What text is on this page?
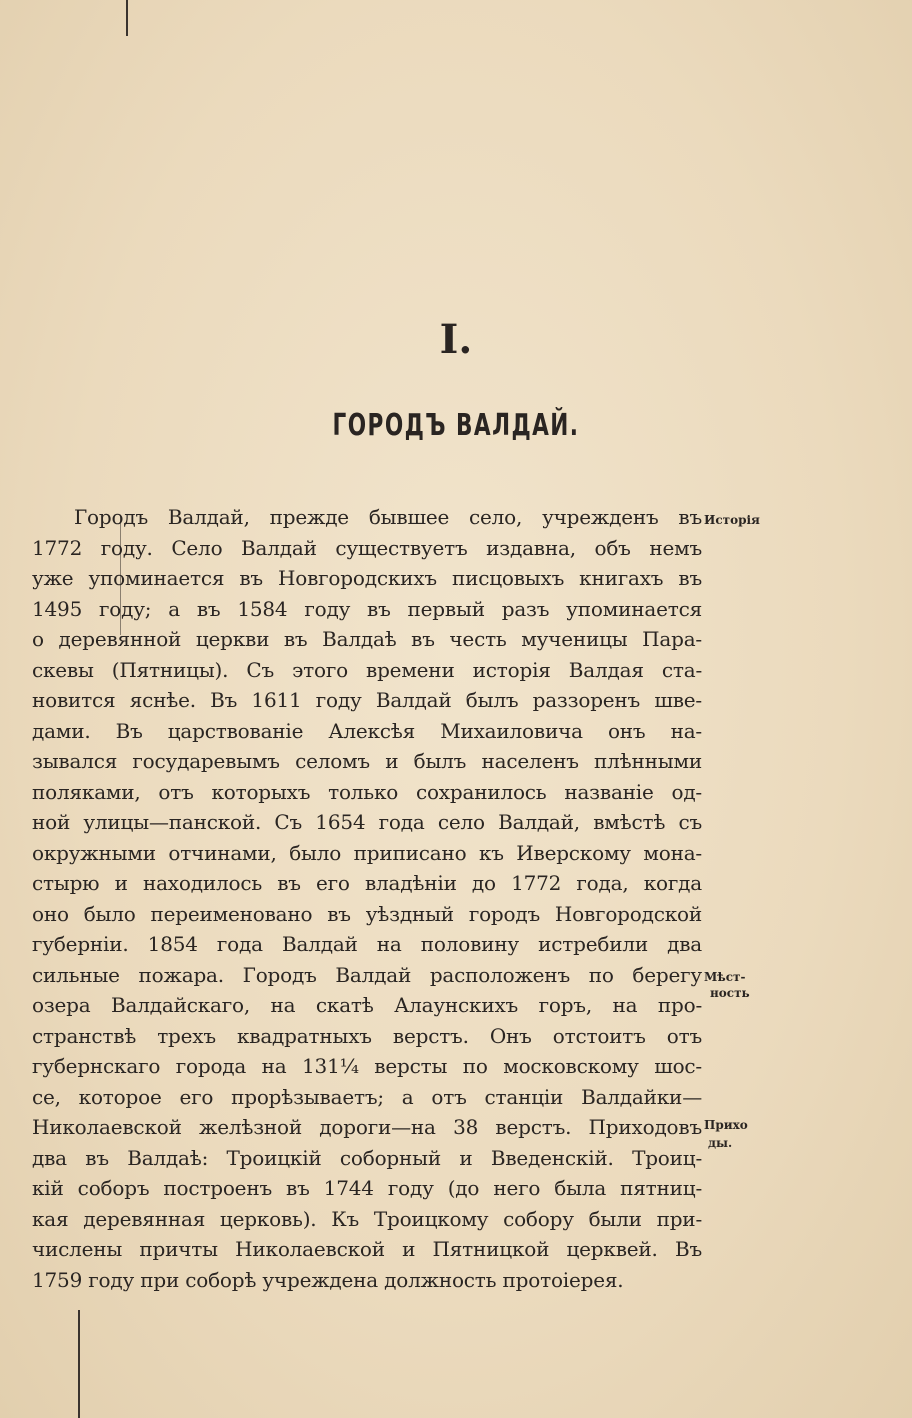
I.
ГОРОДЪ ВАЛДАЙ.
Городъ Валдай, прежде бывшее село, учрежденъ въ
1772 году. Село Валдай существуетъ издавна, объ немъ
уже упоминается въ Новгородскихъ писцовыхъ книгахъ въ
1495 году; а въ 1584 году въ первый разъ упоминается
о деревянной церкви въ Валдаѣ въ честь мученицы Пара-
скевы (Пятницы). Съ этого времени исторія Валдая ста-
новится яснѣе. Въ 1611 году Валдай былъ раззоренъ шве-
дами. Въ царствованіе Алексѣя Михаиловича онъ на-
зывался государевымъ селомъ и былъ населенъ плѣнными
поляками, отъ которыхъ только сохранилось названіе од-
ной улицы—панской. Съ 1654 года село Валдай, вмѣстѣ съ
окружными отчинами, было приписано къ Иверскому мона-
стырю и находилось въ его владѣніи до 1772 года, когда
оно было переименовано въ уѣздный городъ Новгородской
губерніи. 1854 года Валдай на половину истребили два
сильные пожара. Городъ Валдай расположенъ по берегу
озера Валдайскаго, на скатѣ Алаунскихъ горъ, на про-
странствѣ трехъ квадратныхъ верстъ. Онъ отстоитъ отъ
губернскаго города на 131¼ версты по московскому шос-
се, которое его прорѣзываетъ; а отъ станціи Валдайки—
Николаевской желѣзной дороги—на 38 верстъ. Приходовъ
два въ Валдаѣ: Троицкій соборный и Введенскій. Троиц-
кій соборъ построенъ въ 1744 году (до него была пятниц-
кая деревянная церковь). Къ Троицкому собору были при-
числены причты Николаевской и Пятницкой церквей. Въ
1759 году при соборѣ учреждена должность протоіерея.
Исторія
Мѣст-
ность
Прихо
ды.
